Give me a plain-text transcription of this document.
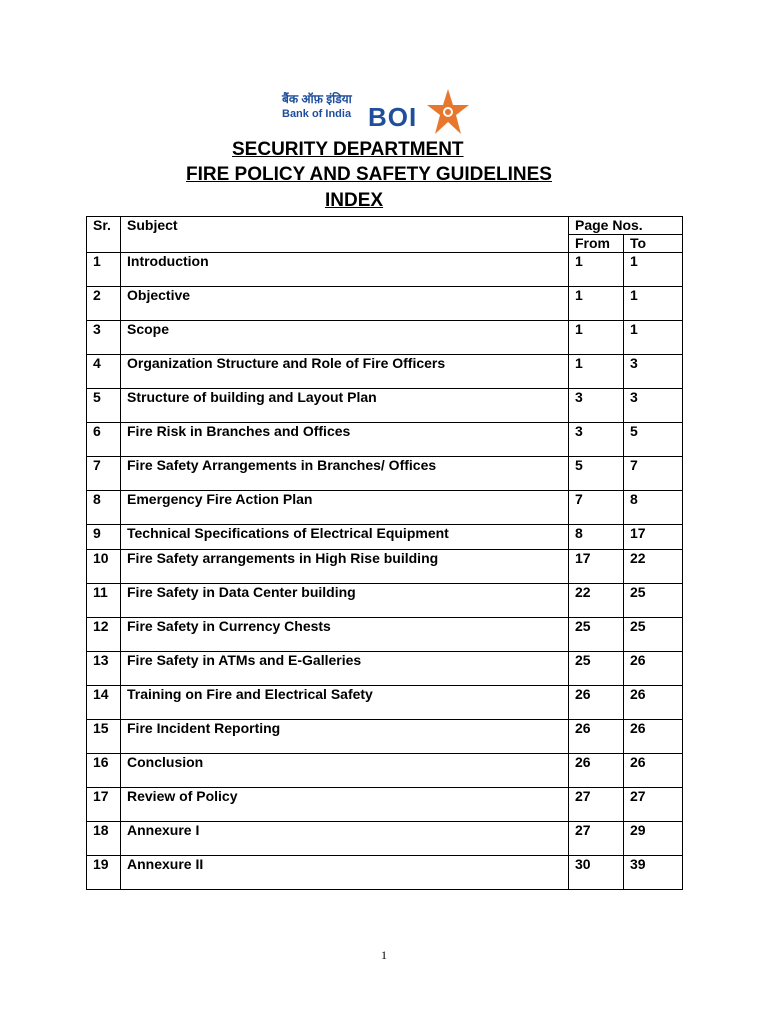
बैंक ऑफ़ इंडिया
Bank of India BOI
SECURITY DEPARTMENT
FIRE POLICY AND SAFETY GUIDELINES
INDEX
Sr.	Subject	Page Nos.	
		From	To
1	Introduction	1	1
2	Objective	1	1
3	Scope	1	1
4	Organization Structure and Role of Fire Officers	1	3
5	Structure of building and Layout Plan	3	3
6	Fire Risk in Branches and Offices	3	5
7	Fire Safety Arrangements in Branches/ Offices	5	7
8	Emergency Fire Action Plan	7	8
9	Technical Specifications of Electrical Equipment	8	17
10	Fire Safety arrangements in High Rise building	17	22
11	Fire Safety in Data Center building	22	25
12	Fire Safety in Currency Chests	25	25
13	Fire Safety in ATMs and E-Galleries	25	26
14	Training on Fire and Electrical Safety	26	26
15	Fire Incident Reporting	26	26
16	Conclusion	26	26
17	Review of Policy	27	27
18	Annexure I	27	29
19	Annexure II	30	39
1
